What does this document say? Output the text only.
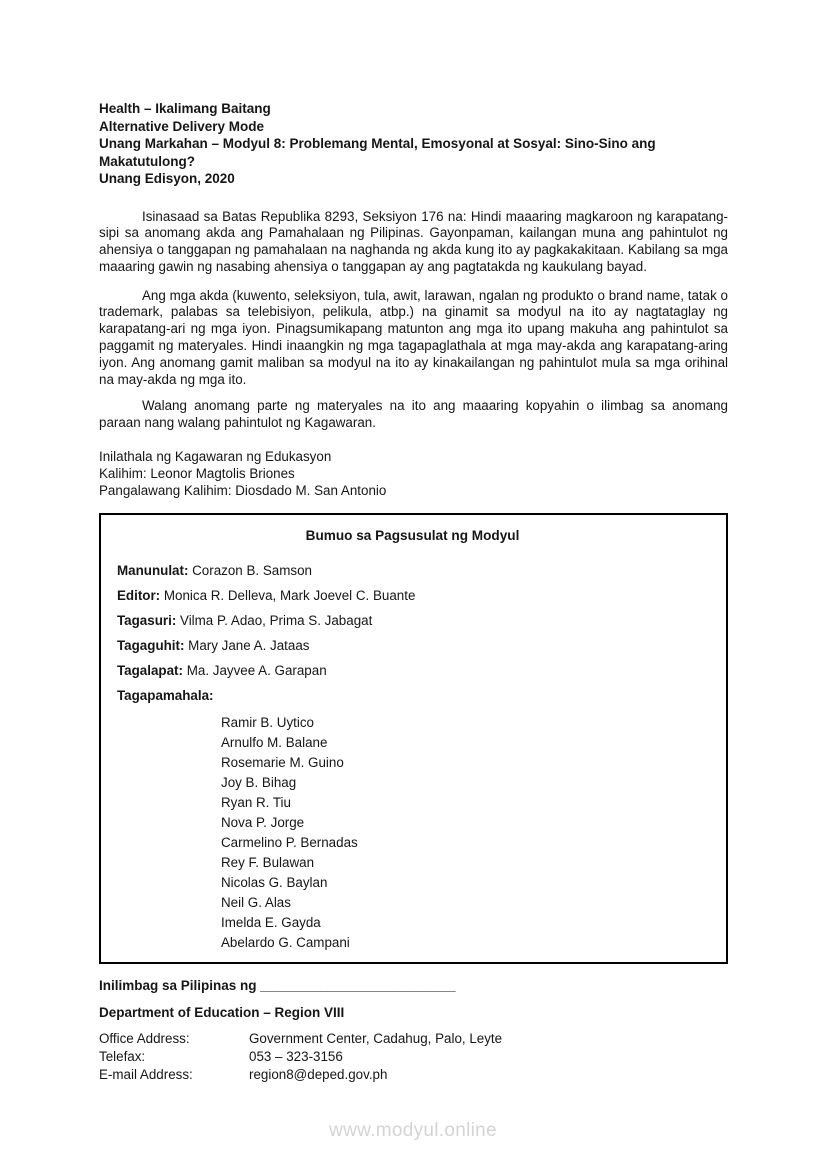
Health – Ikalimang Baitang
Alternative Delivery Mode
Unang Markahan – Modyul 8: Problemang Mental, Emosyonal at Sosyal: Sino-Sino ang Makatutulong?
Unang Edisyon, 2020

Isinasaad sa Batas Republika 8293, Seksiyon 176 na: Hindi maaaring magkaroon ng karapatang-sipi sa anomang akda ang Pamahalaan ng Pilipinas. Gayonpaman, kailangan muna ang pahintulot ng ahensiya o tanggapan ng pamahalaan na naghanda ng akda kung ito ay pagkakakitaan. Kabilang sa mga maaaring gawin ng nasabing ahensiya o tanggapan ay ang pagtatakda ng kaukulang bayad.

Ang mga akda (kuwento, seleksiyon, tula, awit, larawan, ngalan ng produkto o brand name, tatak o trademark, palabas sa telebisiyon, pelikula, atbp.) na ginamit sa modyul na ito ay nagtataglay ng karapatang-ari ng mga iyon. Pinagsumikapang matunton ang mga ito upang makuha ang pahintulot sa paggamit ng materyales. Hindi inaangkin ng mga tagapaglathala at mga may-akda ang karapatang-aring iyon. Ang anomang gamit maliban sa modyul na ito ay kinakailangan ng pahintulot mula sa mga orihinal na may-akda ng mga ito.

Walang anomang parte ng materyales na ito ang maaaring kopyahin o ilimbag sa anomang paraan nang walang pahintulot ng Kagawaran.

Inilathala ng Kagawaran ng Edukasyon
Kalihim: Leonor Magtolis Briones
Pangalawang Kalihim: Diosdado M. San Antonio
Bumuo sa Pagsusulat ng Modyul
Manunulat: Corazon B. Samson
Editor: Monica R. Delleva, Mark Joevel C. Buante
Tagasuri: Vilma P. Adao, Prima S. Jabagat
Tagaguhit: Mary Jane A. Jataas
Tagalapat: Ma. Jayvee A. Garapan
Tagapamahala:
Ramir B. Uytico
Arnulfo M. Balane
Rosemarie M. Guino
Joy B. Bihag
Ryan R. Tiu
Nova P. Jorge
Carmelino P. Bernadas
Rey F. Bulawan
Nicolas G. Baylan
Neil G. Alas
Imelda E. Gayda
Abelardo G. Campani
Inilimbag sa Pilipinas ng __________________________
Department of Education – Region VIII
Office Address:	Government Center, Cadahug, Palo, Leyte
Telefax:	053 – 323-3156
E-mail Address:	region8@deped.gov.ph
www.modyul.online
